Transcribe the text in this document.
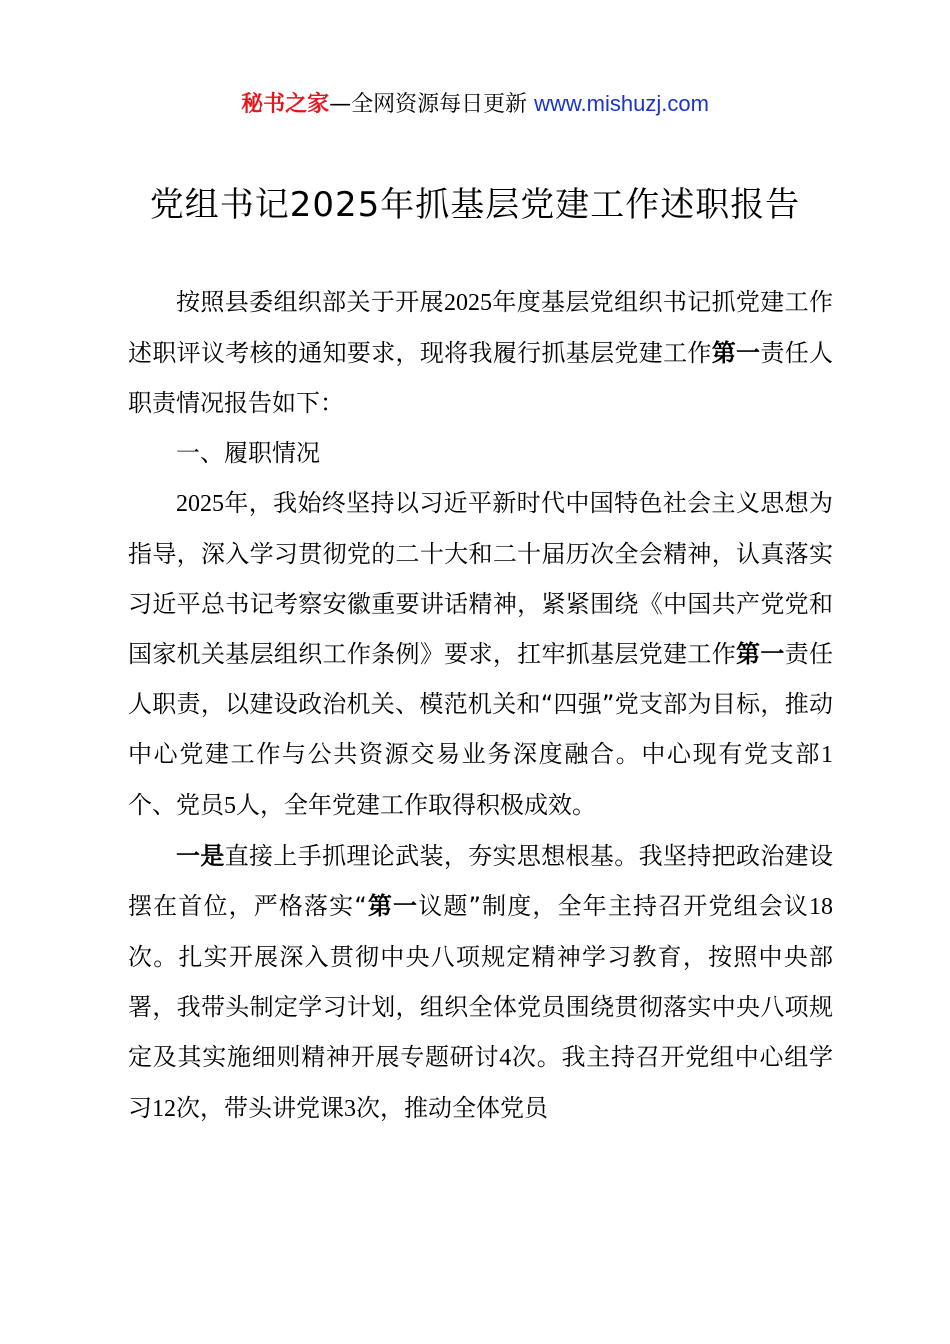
秘书之家—全网资源每日更新 www.mishuzj.com
党组书记2025年抓基层党建工作述职报告

按照县委组织部关于开展2025年度基层党组织书记抓党建工作述职评议考核的通知要求，现将我履行抓基层党建工作第一责任人职责情况报告如下：

一、履职情况

2025年，我始终坚持以习近平新时代中国特色社会主义思想为指导，深入学习贯彻党的二十大和二十届历次全会精神，认真落实习近平总书记考察安徽重要讲话精神，紧紧围绕《中国共产党党和国家机关基层组织工作条例》要求，扛牢抓基层党建工作第一责任人职责，以建设政治机关、模范机关和“四强”党支部为目标，推动中心党建工作与公共资源交易业务深度融合。中心现有党支部1个、党员5人，全年党建工作取得积极成效。

一是直接上手抓理论武装，夯实思想根基。我坚持把政治建设摆在首位，严格落实“第一议题”制度，全年主持召开党组会议18次。扎实开展深入贯彻中央八项规定精神学习教育，按照中央部署，我带头制定学习计划，组织全体党员围绕贯彻落实中央八项规定及其实施细则精神开展专题研讨4次。我主持召开党组中心组学习12次，带头讲党课3次，推动全体党员
